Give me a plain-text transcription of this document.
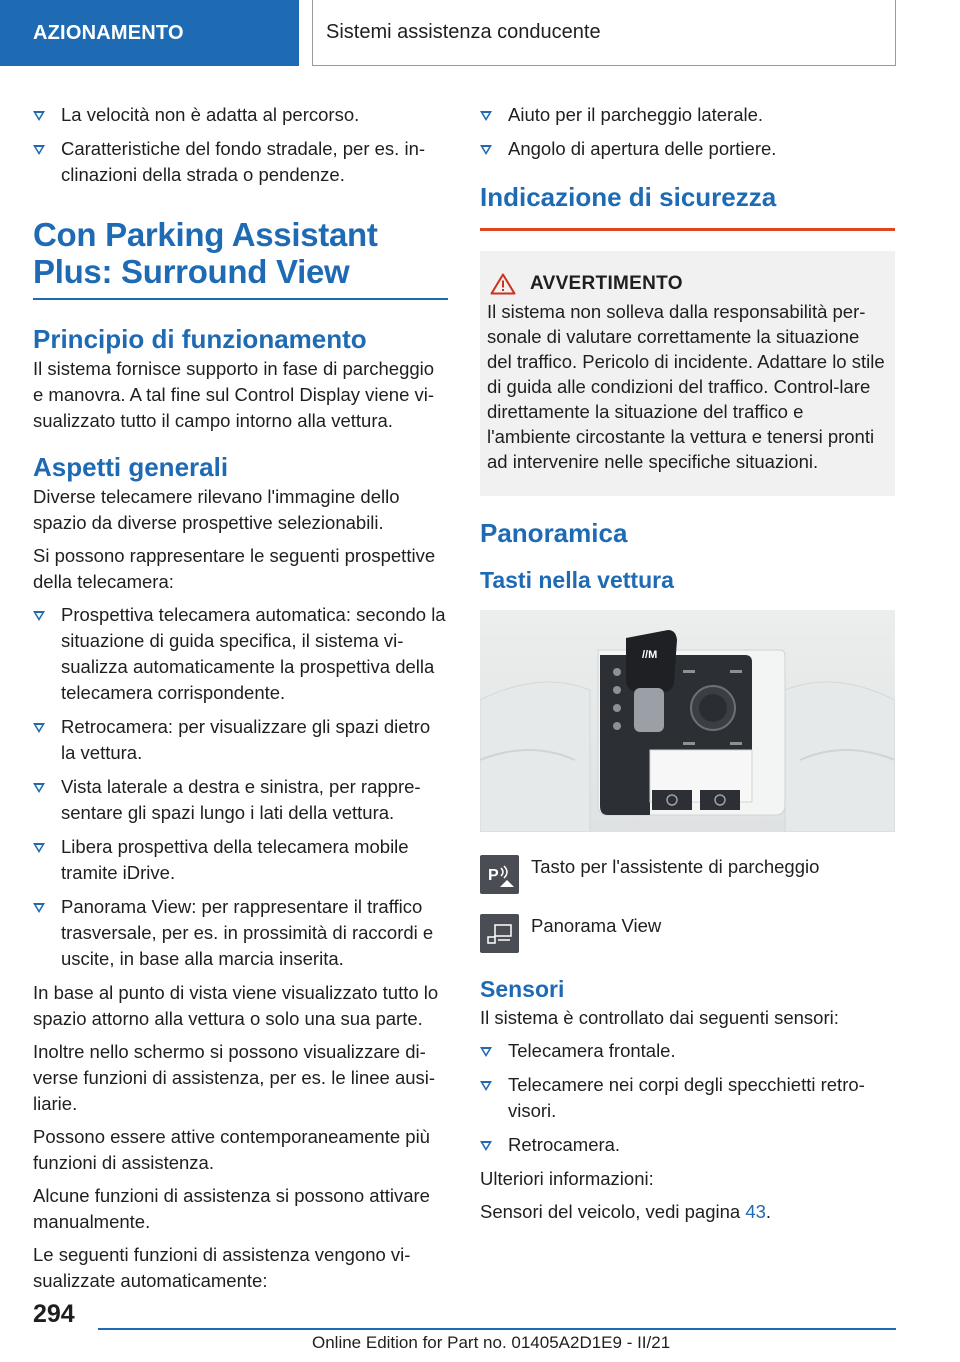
AZIONAMENTO	Sistemi assistenza conducente
La velocità non è adatta al percorso.
Caratteristiche del fondo stradale, per es. in-clinazioni della strada o pendenze.
Con Parking Assistant Plus: Surround View
Principio di funzionamento

Il sistema fornisce supporto in fase di parcheggio e manovra. A tal fine sul Control Display viene vi-sualizzato tutto il campo intorno alla vettura.

Aspetti generali

Diverse telecamere rilevano l'immagine dello spazio da diverse prospettive selezionabili.

Si possono rappresentare le seguenti prospettive della telecamera:

Prospettiva telecamera automatica: secondo la situazione di guida specifica, il sistema vi-sualizza automaticamente la prospettiva della telecamera corrispondente.
Retrocamera: per visualizzare gli spazi dietro la vettura.
Vista laterale a destra e sinistra, per rappre-sentare gli spazi lungo i lati della vettura.
Libera prospettiva della telecamera mobile tramite iDrive.
Panorama View: per rappresentare il traffico trasversale, per es. in prossimità di raccordi e uscite, in base alla marcia inserita.

In base al punto di vista viene visualizzato tutto lo spazio attorno alla vettura o solo una sua parte.

Inoltre nello schermo si possono visualizzare di-verse funzioni di assistenza, per es. le linee ausi-liarie.

Possono essere attive contemporaneamente più funzioni di assistenza.

Alcune funzioni di assistenza si possono attivare manualmente.

Le seguenti funzioni di assistenza vengono vi-sualizzate automaticamente:

Aiuto per il parcheggio laterale.
Angolo di apertura delle portiere.
Indicazione di sicurezza
AVVERTIMENTO

Il sistema non solleva dalla responsabilità per-sonale di valutare correttamente la situazione del traffico. Pericolo di incidente. Adattare lo stile di guida alle condizioni del traffico. Control-lare direttamente la situazione del traffico e l'ambiente circostante la vettura e tenersi pronti ad intervenire nelle specifiche situazioni.

Panoramica
Tasti nella vettura
//M
P Tasto per l'assistente di parcheggio
Panorama View
Sensori

Il sistema è controllato dai seguenti sensori:

Telecamera frontale.
Telecamere nei corpi degli specchietti retro-visori.
Retrocamera.

Ulteriori informazioni:

Sensori del veicolo, vedi pagina 43.

294
Online Edition for Part no. 01405A2D1E9 - II/21
